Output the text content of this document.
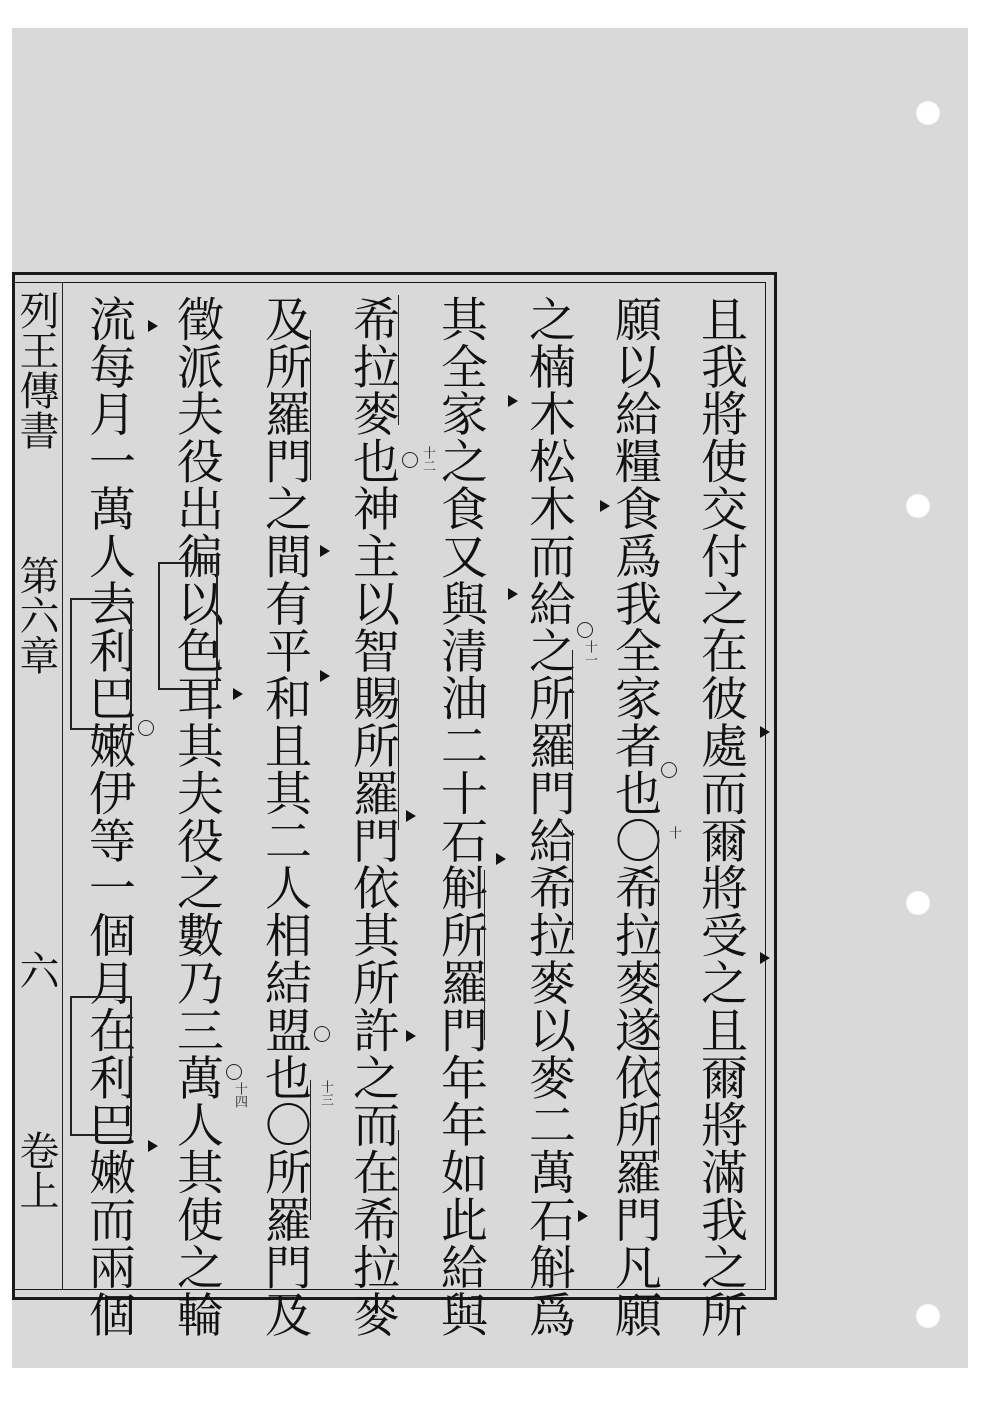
列王傳書
第六章
六
卷上	且我將使交付之在彼處而爾將受之且爾將滿我之所
願以給糧食爲我全家者也〇希拉麥遂依所羅門凡願
之楠木松木而給之所羅門給希拉麥以麥二萬石斛爲
其全家之食又與清油二十石斛所羅門年年如此給與
希拉麥也神主以智賜所羅門依其所許之而在希拉麥
及所羅門之間有平和且其二人相結盟也〇所羅門及
徵派夫役出徧以色耳其夫役之數乃三萬人其使之輪
流每月一萬人去利巴嫩伊等一個月在利巴嫩而兩個	十
十一
十二
十三
十四
